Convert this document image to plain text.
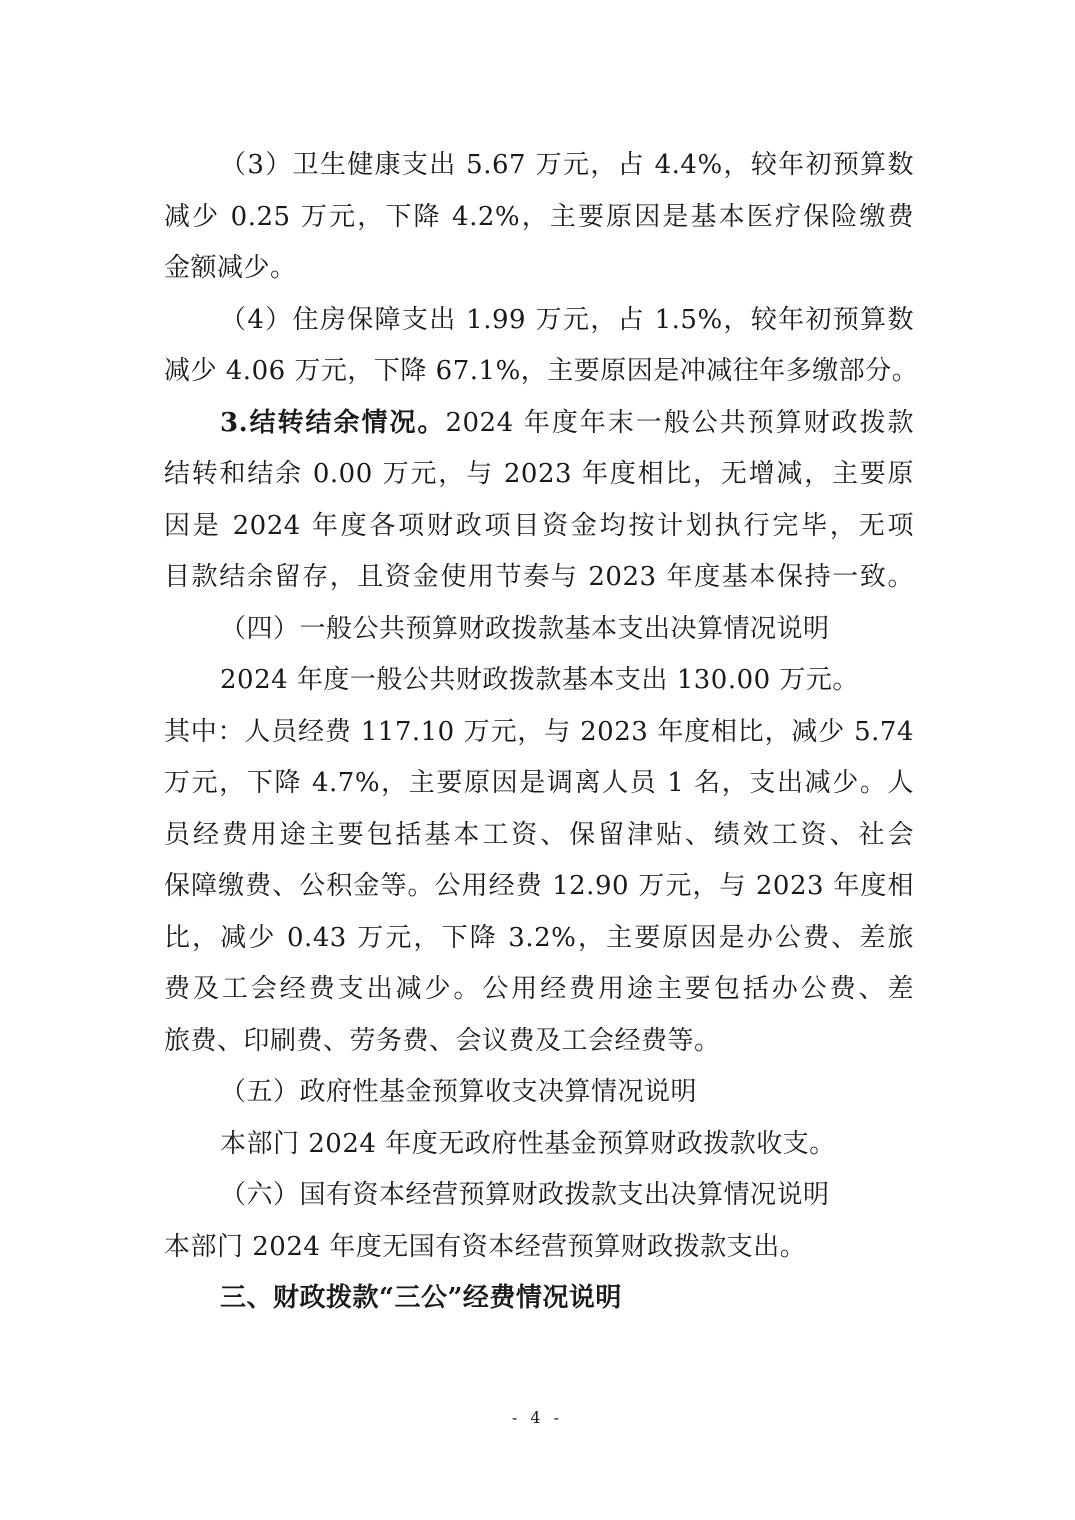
（3）卫生健康支出 5.67 万元，占 4.4%，较年初预算数
减少 0.25 万元，下降 4.2%，主要原因是基本医疗保险缴费
金额减少。
（4）住房保障支出 1.99 万元，占 1.5%，较年初预算数
减少 4.06 万元，下降 67.1%，主要原因是冲减往年多缴部分。
3.结转结余情况。2024 年度年末一般公共预算财政拨款
结转和结余 0.00 万元，与 2023 年度相比，无增减，主要原
因是 2024 年度各项财政项目资金均按计划执行完毕，无项
目款结余留存，且资金使用节奏与 2023 年度基本保持一致。
（四）一般公共预算财政拨款基本支出决算情况说明
2024 年度一般公共财政拨款基本支出 130.00 万元。
其中：人员经费 117.10 万元，与 2023 年度相比，减少 5.74
万元，下降 4.7%，主要原因是调离人员 1 名，支出减少。人
员经费用途主要包括基本工资、保留津贴、绩效工资、社会
保障缴费、公积金等。公用经费 12.90 万元，与 2023 年度相
比，减少 0.43 万元，下降 3.2%，主要原因是办公费、差旅
费及工会经费支出减少。公用经费用途主要包括办公费、差
旅费、印刷费、劳务费、会议费及工会经费等。
（五）政府性基金预算收支决算情况说明
本部门 2024 年度无政府性基金预算财政拨款收支。
（六）国有资本经营预算财政拨款支出决算情况说明
本部门 2024 年度无国有资本经营预算财政拨款支出。
三、财政拨款“三公”经费情况说明
- 4 -
